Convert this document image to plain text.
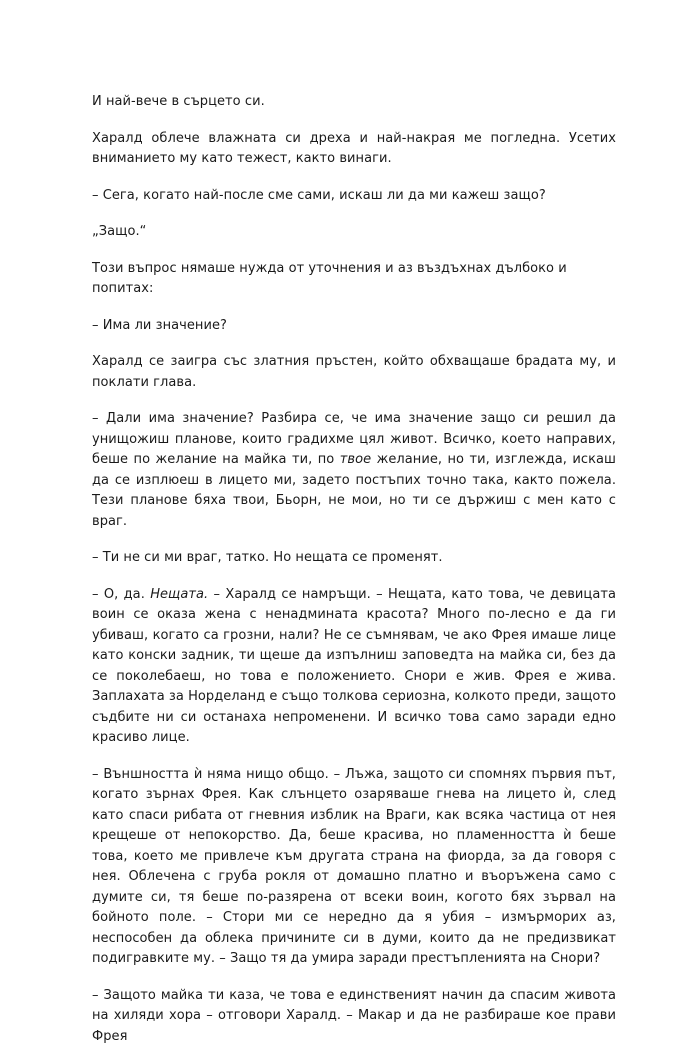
И най-вече в сърцето си.

Харалд облече влажната си дреха и най-накрая ме погледна. Усетих вниманието му като тежест, както винаги.

– Сега, когато най-после сме сами, искаш ли да ми кажеш защо?

„Защо.“

Този въпрос нямаше нужда от уточнения и аз въздъхнах дълбоко и попитах:

– Има ли значение?

Харалд се заигра със златния пръстен, който обхващаше брадата му, и поклати глава.

– Дали има значение? Разбира се, че има значение защо си решил да унищожиш планове, които градихме цял живот. Всичко, което направих, беше по желание на майка ти, по твое желание, но ти, изглежда, искаш да се изплюеш в лицето ми, задето постъпих точно така, както пожела. Тези планове бяха твои, Бьорн, не мои, но ти се държиш с мен като с враг.

– Ти не си ми враг, татко. Но нещата се променят.

– О, да. Нещата. – Харалд се намръщи. – Нещата, като това, че девицата воин се оказа жена с ненадмината красота? Много по-лесно е да ги убиваш, когато са грозни, нали? Не се съмнявам, че ако Фрея имаше лице като конски задник, ти щеше да изпълниш заповедта на майка си, без да се поколебаеш, но това е положението. Снори е жив. Фрея е жива. Заплахата за Норделанд е също толкова сериозна, колкото преди, защото съдбите ни си останаха непроменени. И всичко това само заради едно красиво лице.

– Външността ѝ няма нищо общо. – Лъжа, защото си спомнях първия път, когато зърнах Фрея. Как слънцето озаряваше гнева на лицето ѝ, след като спаси рибата от гневния изблик на Враги, как всяка частица от нея крещеше от непокорство. Да, беше красива, но пламенността ѝ беше това, което ме привлече към другата страна на фиорда, за да говоря с нея. Облечена с груба рокля от домашно платно и въоръжена само с думите си, тя беше по-разярена от всеки воин, когото бях зървал на бойното поле. – Стори ми се нередно да я убия – измърморих аз, неспособен да облека причините си в думи, които да не предизвикат подигравките му. – Защо тя да умира заради престъпленията на Снори?

– Защото майка ти каза, че това е единственият начин да спасим живота на хиляди хора – отговори Харалд. – Макар и да не разбираше кое прави Фрея
